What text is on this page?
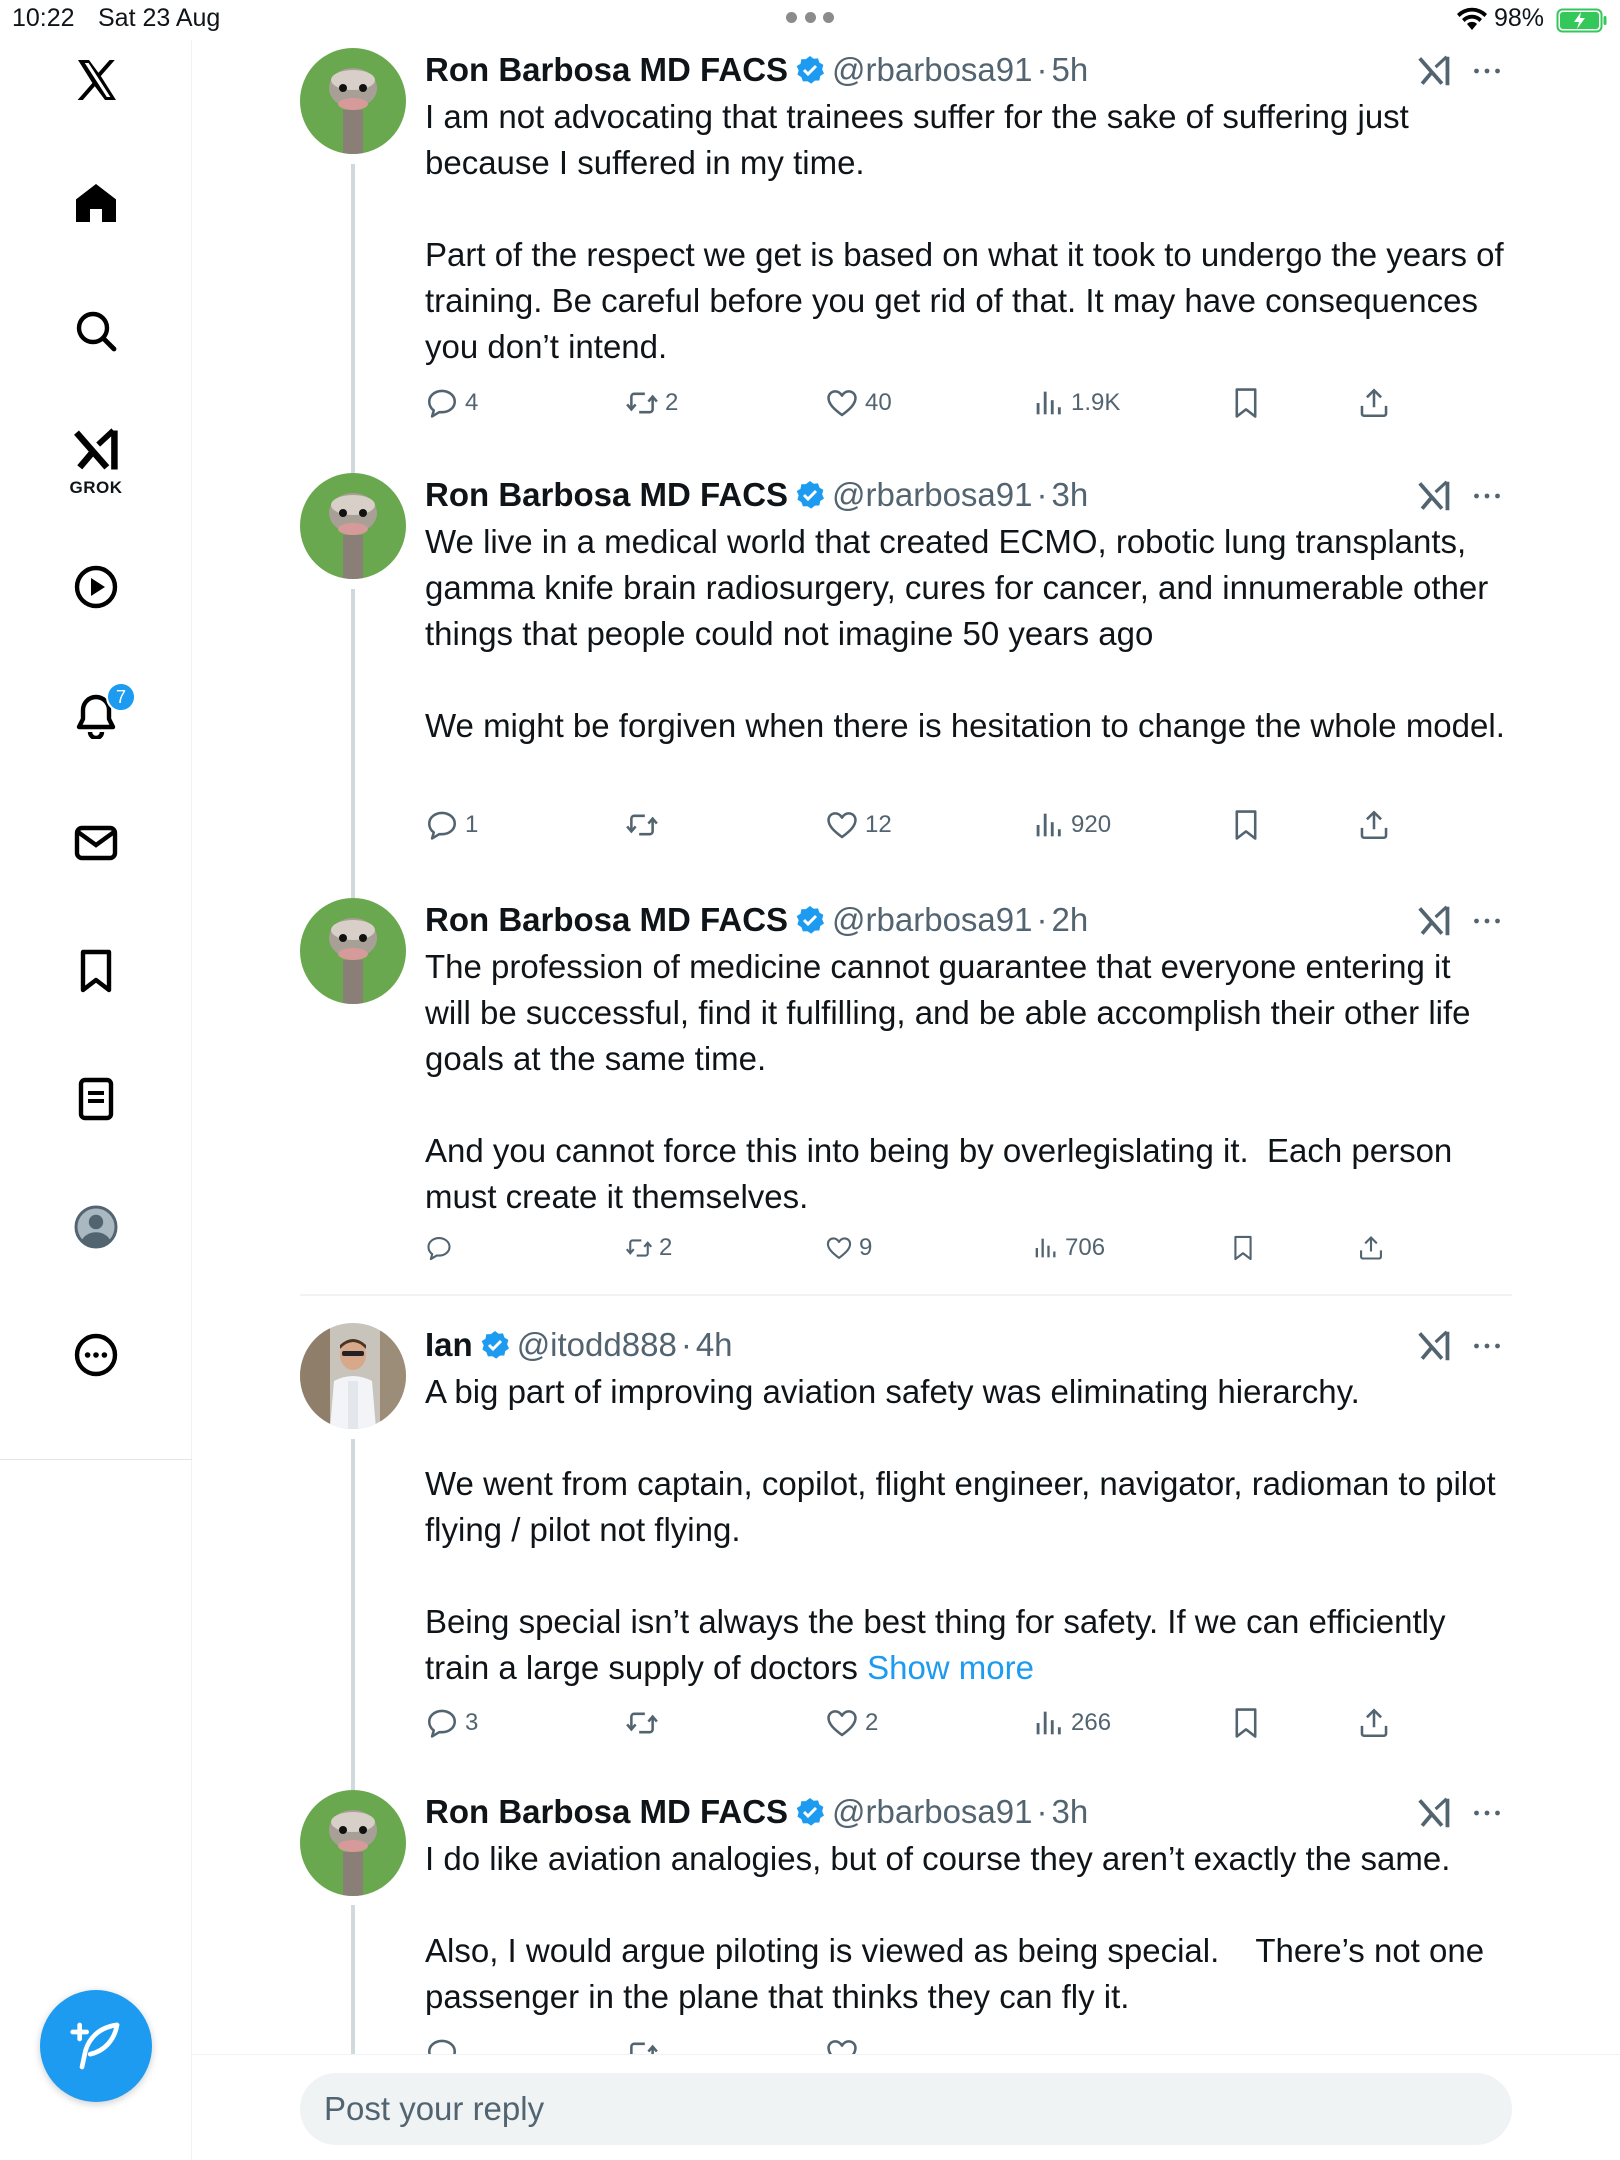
10:22 Sat 23 Aug	98%
GROK
7
Ron Barbosa MD FACS @rbarbosa91 · 5h
I am not advocating that trainees suffer for the sake of suffering just because I suffered in my time.

Part of the respect we get is based on what it took to undergo the years of training. Be careful before you get rid of that. It may have consequences you don’t intend.
4	2	40	1.9K
Ron Barbosa MD FACS @rbarbosa91 · 3h
We live in a medical world that created ECMO, robotic lung transplants, gamma knife brain radiosurgery, cures for cancer, and innumerable other things that people could not imagine 50 years ago

We might be forgiven when there is hesitation to change the whole model.
1	12	920
Ron Barbosa MD FACS @rbarbosa91 · 2h
The profession of medicine cannot guarantee that everyone entering it will be successful, find it fulfilling, and be able accomplish their other life goals at the same time.

And you cannot force this into being by overlegislating it.  Each person must create it themselves.
2	9	706
Ian @itodd888 · 4h
A big part of improving aviation safety was eliminating hierarchy.

We went from captain, copilot, flight engineer, navigator, radioman to pilot flying / pilot not flying.

Being special isn’t always the best thing for safety. If we can efficiently train a large supply of doctors Show more
3	2	266
Ron Barbosa MD FACS @rbarbosa91 · 3h
I do like aviation analogies, but of course they aren’t exactly the same.

Also, I would argue piloting is viewed as being special.    There’s not one passenger in the plane that thinks they can fly it.
Post your reply
